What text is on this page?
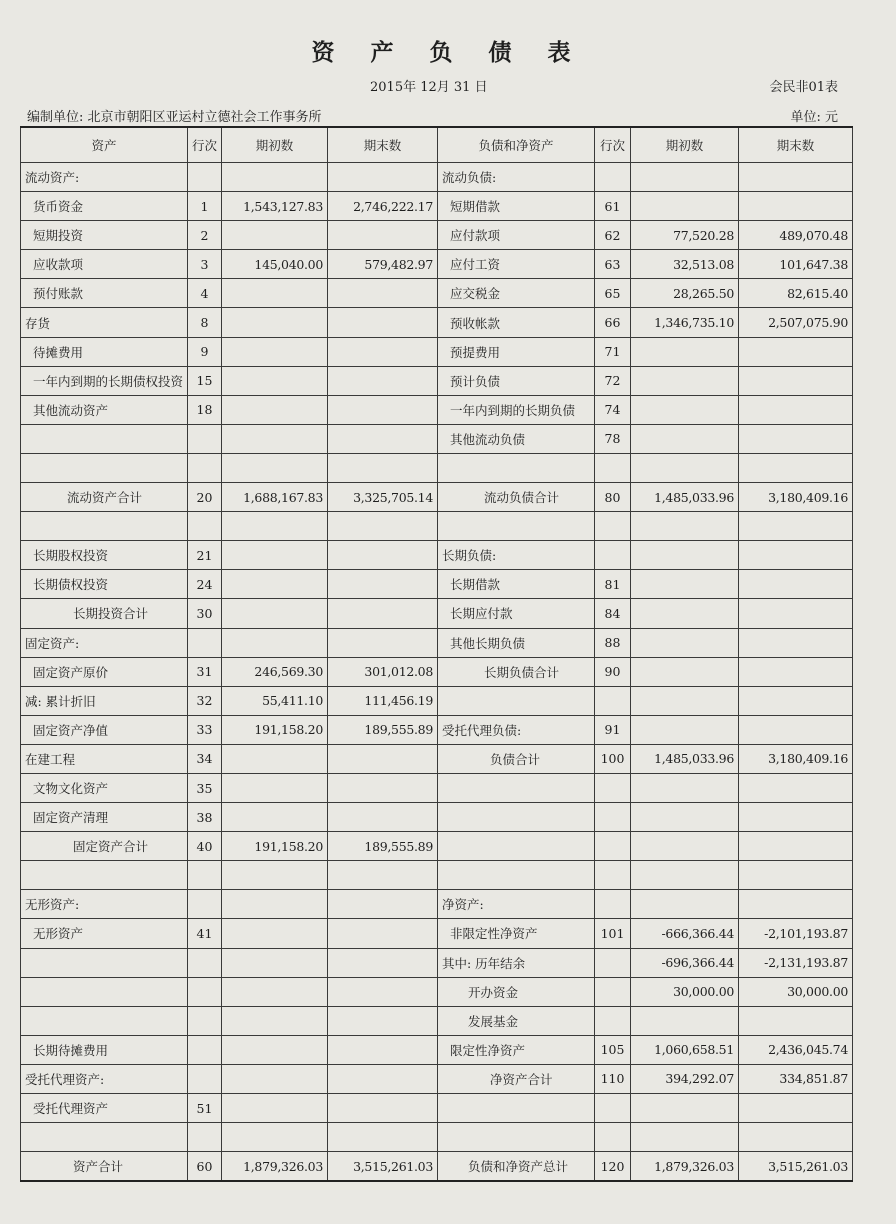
资 产 负 债 表
2015年 12月 31 日	会民非01表
编制单位: 北京市朝阳区亚运村立德社会工作事务所	单位: 元
资产	行次	期初数	期末数	负债和净资产	行次	期初数	期末数
流动资产:				流动负债:			
货币资金	1	1,543,127.83	2,746,222.17	短期借款	61		
短期投资	2			应付款项	62	77,520.28	489,070.48
应收款项	3	145,040.00	579,482.97	应付工资	63	32,513.08	101,647.38
预付账款	4			应交税金	65	28,265.50	82,615.40
存货	8			预收帐款	66	1,346,735.10	2,507,075.90
待摊费用	9			预提费用	71		
一年内到期的长期债权投资	15			预计负债	72		
其他流动资产	18			一年内到期的长期负债	74		
				其他流动负债	78		

流动资产合计	20	1,688,167.83	3,325,705.14	流动负债合计	80	1,485,033.96	3,180,409.16

长期股权投资	21			长期负债:			
长期债权投资	24			长期借款	81		
长期投资合计	30			长期应付款	84		
固定资产:				其他长期负债	88		
固定资产原价	31	246,569.30	301,012.08	长期负债合计	90		
减: 累计折旧	32	55,411.10	111,456.19				
固定资产净值	33	191,158.20	189,555.89	受托代理负债:	91		
在建工程	34			负债合计	100	1,485,033.96	3,180,409.16
文物文化资产	35						
固定资产清理	38						
固定资产合计	40	191,158.20	189,555.89				

无形资产:				净资产:			
无形资产	41			非限定性净资产	101	-666,366.44	-2,101,193.87
				其中: 历年结余		-696,366.44	-2,131,193.87
				开办资金		30,000.00	30,000.00
				发展基金			
长期待摊费用				限定性净资产	105	1,060,658.51	2,436,045.74
受托代理资产:				净资产合计	110	394,292.07	334,851.87
受托代理资产	51						

资产合计	60	1,879,326.03	3,515,261.03	负债和净资产总计	120	1,879,326.03	3,515,261.03
